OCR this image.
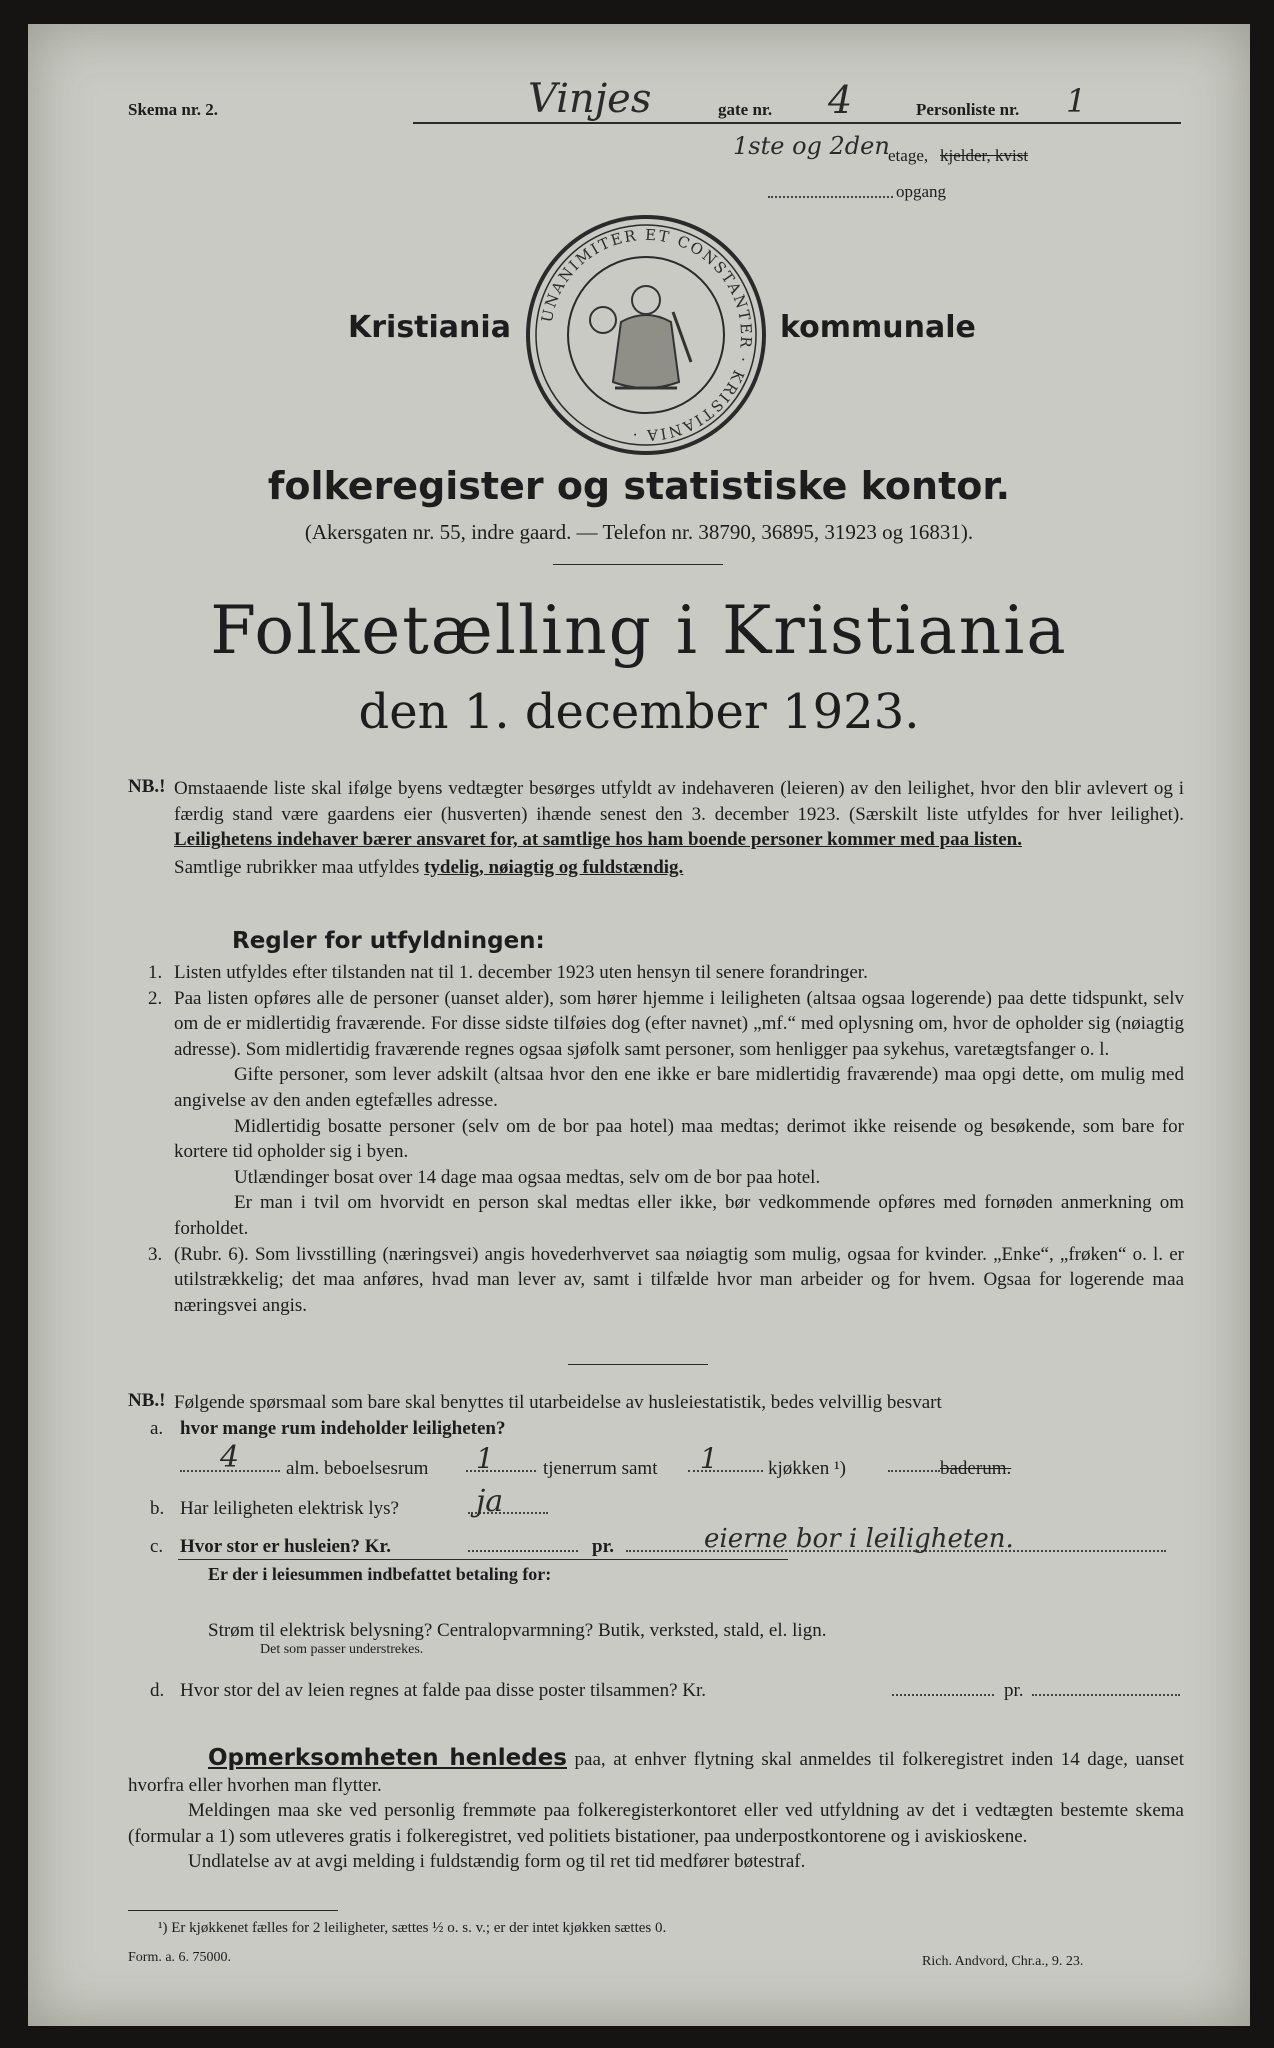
Skema nr. 2.	Vinjes	gate nr. 4	Personliste nr. 1
1ste og 2den
etage, kjelder, kvist
opgang
Kristiania UNANIMITER ET CONSTANTER · KRISTIANIA ·
kommunale
folkeregister og statistiske kontor.
(Akersgaten nr. 55, indre gaard. — Telefon nr. 38790, 36895, 31923 og 16831).
Folketælling i Kristiania
den 1. december 1923.
NB.! Omstaaende liste skal ifølge byens vedtægter besørges utfyldt av indehaveren (leieren) av den leilighet, hvor den blir avlevert og i færdig stand være gaardens eier (husverten) ihænde senest den 3. december 1923. (Særskilt liste utfyldes for hver leilighet). Leilighetens indehaver bærer ansvaret for, at samtlige hos ham boende personer kommer med paa listen.

Samtlige rubrikker maa utfyldes tydelig, nøiagtig og fuldstændig.

Regler for utfyldningen:

1. Listen utfyldes efter tilstanden nat til 1. december 1923 uten hensyn til senere forandringer.

2. Paa listen opføres alle de personer (uanset alder), som hører hjemme i leiligheten (altsaa ogsaa logerende) paa dette tidspunkt, selv om de er midlertidig fraværende. For disse sidste tilføies dog (efter navnet) „mf.“ med oplysning om, hvor de opholder sig (nøiagtig adresse). Som midlertidig fraværende regnes ogsaa sjøfolk samt personer, som henligger paa sykehus, varetægtsfanger o. l.

Gifte personer, som lever adskilt (altsaa hvor den ene ikke er bare midlertidig fraværende) maa opgi dette, om mulig med angivelse av den anden egtefælles adresse.

Midlertidig bosatte personer (selv om de bor paa hotel) maa medtas; derimot ikke reisende og besøkende, som bare for kortere tid opholder sig i byen.

Utlændinger bosat over 14 dage maa ogsaa medtas, selv om de bor paa hotel.

Er man i tvil om hvorvidt en person skal medtas eller ikke, bør vedkommende opføres med fornøden anmerkning om forholdet.

3. (Rubr. 6). Som livsstilling (næringsvei) angis hovederhvervet saa nøiagtig som mulig, ogsaa for kvinder. „Enke“, „frøken“ o. l. er utilstrækkelig; det maa anføres, hvad man lever av, samt i tilfælde hvor man arbeider og for hvem. Ogsaa for logerende maa næringsvei angis.

NB.! Følgende spørsmaal som bare skal benyttes til utarbeidelse av husleiestatistik, bedes velvillig besvart
a. hvor mange rum indeholder leiligheten?
4 alm. beboelsesrum 1	tjenerrum samt 1	kjøkken ¹)	baderum.
b. Har leiligheten elektrisk lys?	ja
c. Hvor stor er husleien? Kr.	pr.	eierne bor i leiligheten.
Er der i leiesummen indbefattet betaling for:
Strøm til elektrisk belysning? Centralopvarmning? Butik, verksted, stald, el. lign.
Det som passer understrekes.
d. Hvor stor del av leien regnes at falde paa disse poster tilsammen? Kr.	pr.

Opmerksomheten henledes paa, at enhver flytning skal anmeldes til folkeregistret inden 14 dage, uanset hvorfra eller hvorhen man flytter.

Meldingen maa ske ved personlig fremmøte paa folkeregisterkontoret eller ved utfyldning av det i vedtægten bestemte skema (formular a 1) som utleveres gratis i folkeregistret, ved politiets bistationer, paa underpostkontorene og i aviskioskene.

Undlatelse av at avgi melding i fuldstændig form og til ret tid medfører bøtestraf.

¹) Er kjøkkenet fælles for 2 leiligheter, sættes ½ o. s. v.; er der intet kjøkken sættes 0.
Form. a. 6. 75000.	Rich. Andvord, Chr.a., 9. 23.
